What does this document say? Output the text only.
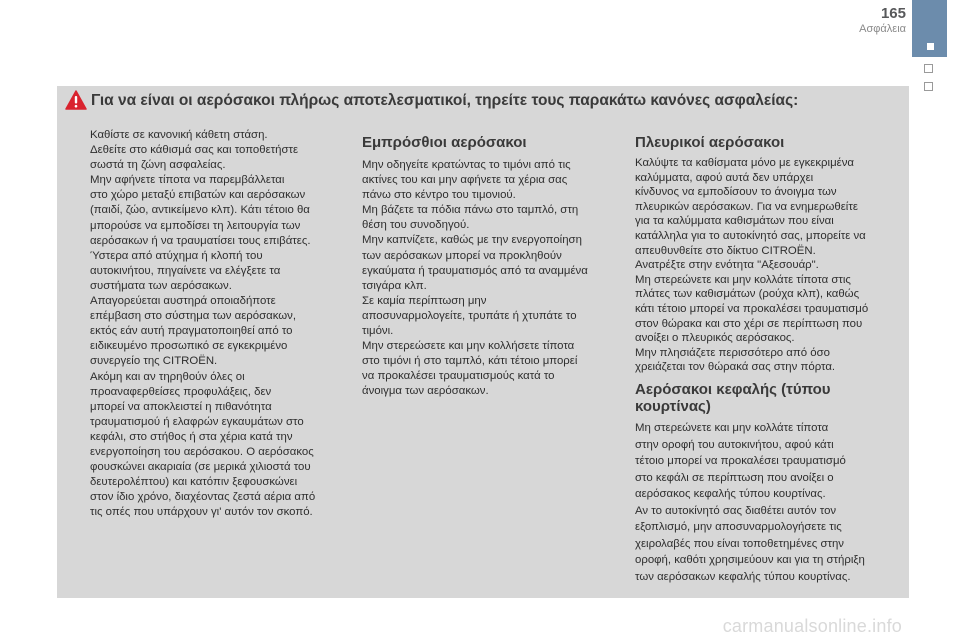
165
Ασφάλεια
Για να είναι οι αερόσακοι πλήρως αποτελεσματικοί, τηρείτε τους παρακάτω κανόνες ασφαλείας:

Καθίστε σε κανονική κάθετη στάση.

Δεθείτε στο κάθισμά σας και τοποθετήστε

σωστά τη ζώνη ασφαλείας.

Μην αφήνετε τίποτα να παρεμβάλλεται

στο χώρο μεταξύ επιβατών και αερόσακων

(παιδί, ζώο, αντικείμενο κλπ). Κάτι τέτοιο θα

μπορούσε να εμποδίσει τη λειτουργία των

αερόσακων ή να τραυματίσει τους επιβάτες.

Ύστερα από ατύχημα ή κλοπή του

αυτοκινήτου, πηγαίνετε να ελέγξετε τα

συστήματα των αερόσακων.

Απαγορεύεται αυστηρά οποιαδήποτε

επέμβαση στο σύστημα των αερόσακων,

εκτός εάν αυτή πραγματοποιηθεί από το

ειδικευμένο προσωπικό σε εγκεκριμένο

συνεργείο της CITROËN.

Ακόμη και αν τηρηθούν όλες οι

προαναφερθείσες προφυλάξεις, δεν

μπορεί να αποκλειστεί η πιθανότητα

τραυματισμού ή ελαφρών εγκαυμάτων στο

κεφάλι, στο στήθος ή στα χέρια κατά την

ενεργοποίηση του αερόσακου. Ο αερόσακος

φουσκώνει ακαριαία (σε μερικά χιλιοστά του

δευτερολέπτου) και κατόπιν ξεφουσκώνει

στον ίδιο χρόνο, διαχέοντας ζεστά αέρια από

τις οπές που υπάρχουν γι' αυτόν τον σκοπό.

Εμπρόσθιοι αερόσακοι

Μην οδηγείτε κρατώντας το τιμόνι από τις

ακτίνες του και μην αφήνετε τα χέρια σας

πάνω στο κέντρο του τιμονιού.

Μη βάζετε τα πόδια πάνω στο ταμπλό, στη

θέση του συνοδηγού.

Μην καπνίζετε, καθώς με την ενεργοποίηση

των αερόσακων μπορεί να προκληθούν

εγκαύματα ή τραυματισμός από τα αναμμένα

τσιγάρα κλπ.

Σε καμία περίπτωση μην

αποσυναρμολογείτε, τρυπάτε ή χτυπάτε το

τιμόνι.

Μην στερεώσετε και μην κολλήσετε τίποτα

στο τιμόνι ή στο ταμπλό, κάτι τέτοιο μπορεί

να προκαλέσει τραυματισμούς κατά το

άνοιγμα των αερόσακων.

Πλευρικοί αερόσακοι

Καλύψτε τα καθίσματα μόνο με εγκεκριμένα

καλύμματα, αφού αυτά δεν υπάρχει

κίνδυνος να εμποδίσουν το άνοιγμα των

πλευρικών αερόσακων. Για να ενημερωθείτε

για τα καλύμματα καθισμάτων που είναι

κατάλληλα για το αυτοκίνητό σας, μπορείτε να

απευθυνθείτε στο δίκτυο CITROËN.

Ανατρέξτε στην ενότητα "Αξεσουάρ".

Μη στερεώνετε και μην κολλάτε τίποτα στις

πλάτες των καθισμάτων (ρούχα κλπ), καθώς

κάτι τέτοιο μπορεί να προκαλέσει τραυματισμό

στον θώρακα και στο χέρι σε περίπτωση που

ανοίξει ο πλευρικός αερόσακος.

Μην πλησιάζετε περισσότερο από όσο

χρειάζεται τον θώρακά σας στην πόρτα.

Αερόσακοι κεφαλής (τύπου κουρτίνας)

Μη στερεώνετε και μην κολλάτε τίποτα

στην οροφή του αυτοκινήτου, αφού κάτι

τέτοιο μπορεί να προκαλέσει τραυματισμό

στο κεφάλι σε περίπτωση που ανοίξει ο

αερόσακος κεφαλής τύπου κουρτίνας.

Αν το αυτοκίνητό σας διαθέτει αυτόν τον

εξοπλισμό, μην αποσυναρμολογήσετε τις

χειρολαβές που είναι τοποθετημένες στην

οροφή, καθότι χρησιμεύουν και για τη στήριξη

των αερόσακων κεφαλής τύπου κουρτίνας.

carmanualsonline.info
